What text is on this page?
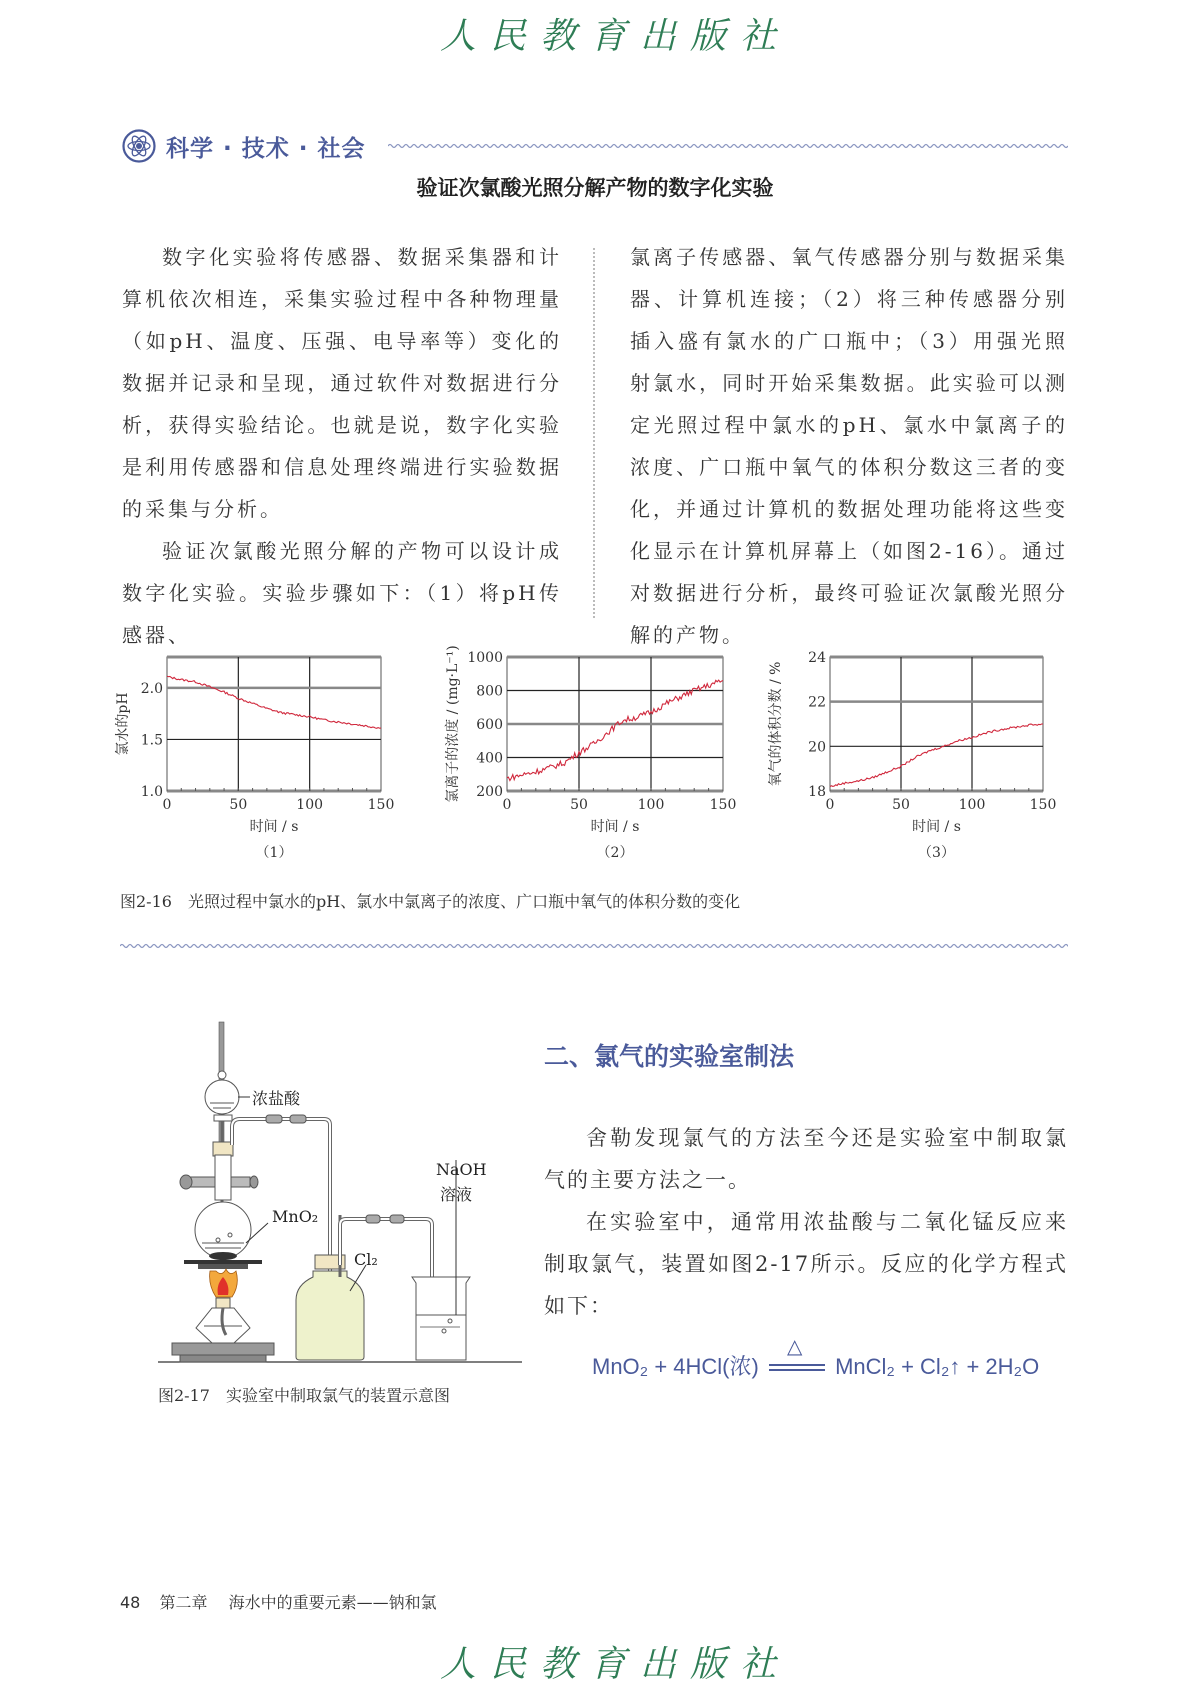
人民教育出版社
科学 · 技术 · 社会
验证次氯酸光照分解产物的数字化实验

数字化实验将传感器、数据采集器和计算机依次相连，采集实验过程中各种物理量（如pH、温度、压强、电导率等）变化的数据并记录和呈现，通过软件对数据进行分析，获得实验结论。也就是说，数字化实验是利用传感器和信息处理终端进行实验数据的采集与分析。

验证次氯酸光照分解的产物可以设计成数字化实验。实验步骤如下：（1）将pH传感器、

氯离子传感器、氧气传感器分别与数据采集器、计算机连接；（2）将三种传感器分别插入盛有氯水的广口瓶中；（3）用强光照射氯水，同时开始采集数据。此实验可以测定光照过程中氯水的pH、氯水中氯离子的浓度、广口瓶中氧气的体积分数这三者的变化，并通过计算机的数据处理功能将这些变化显示在计算机屏幕上（如图2-16）。通过对数据进行分析，最终可验证次氯酸光照分解的产物。

0	50	100	150
1.0
1.5
2.0
时间 / s
（1）
氯水的pH
0	50	100	150
200
400
600
800
1000
时间 / s
（2）
氯离子的浓度 / (mg·L⁻¹)
0	50	100	150
18
20
22
24
时间 / s
（3）
氧气的体积分数 / %
图2-16　光照过程中氯水的pH、氯水中氯离子的浓度、广口瓶中氧气的体积分数的变化
浓盐酸
MnO₂
Cl₂
NaOH
溶液
图2-17　实验室中制取氯气的装置示意图
二、氯气的实验室制法

舍勒发现氯气的方法至今还是实验室中制取氯气的主要方法之一。

在实验室中，通常用浓盐酸与二氧化锰反应来制取氯气，装置如图2-17所示。反应的化学方程式如下：

MnO₂ + 4HCl(浓)
△
MnCl₂ + Cl₂↑ + 2H₂O
48 第二章 海水中的重要元素——钠和氯
人民教育出版社
